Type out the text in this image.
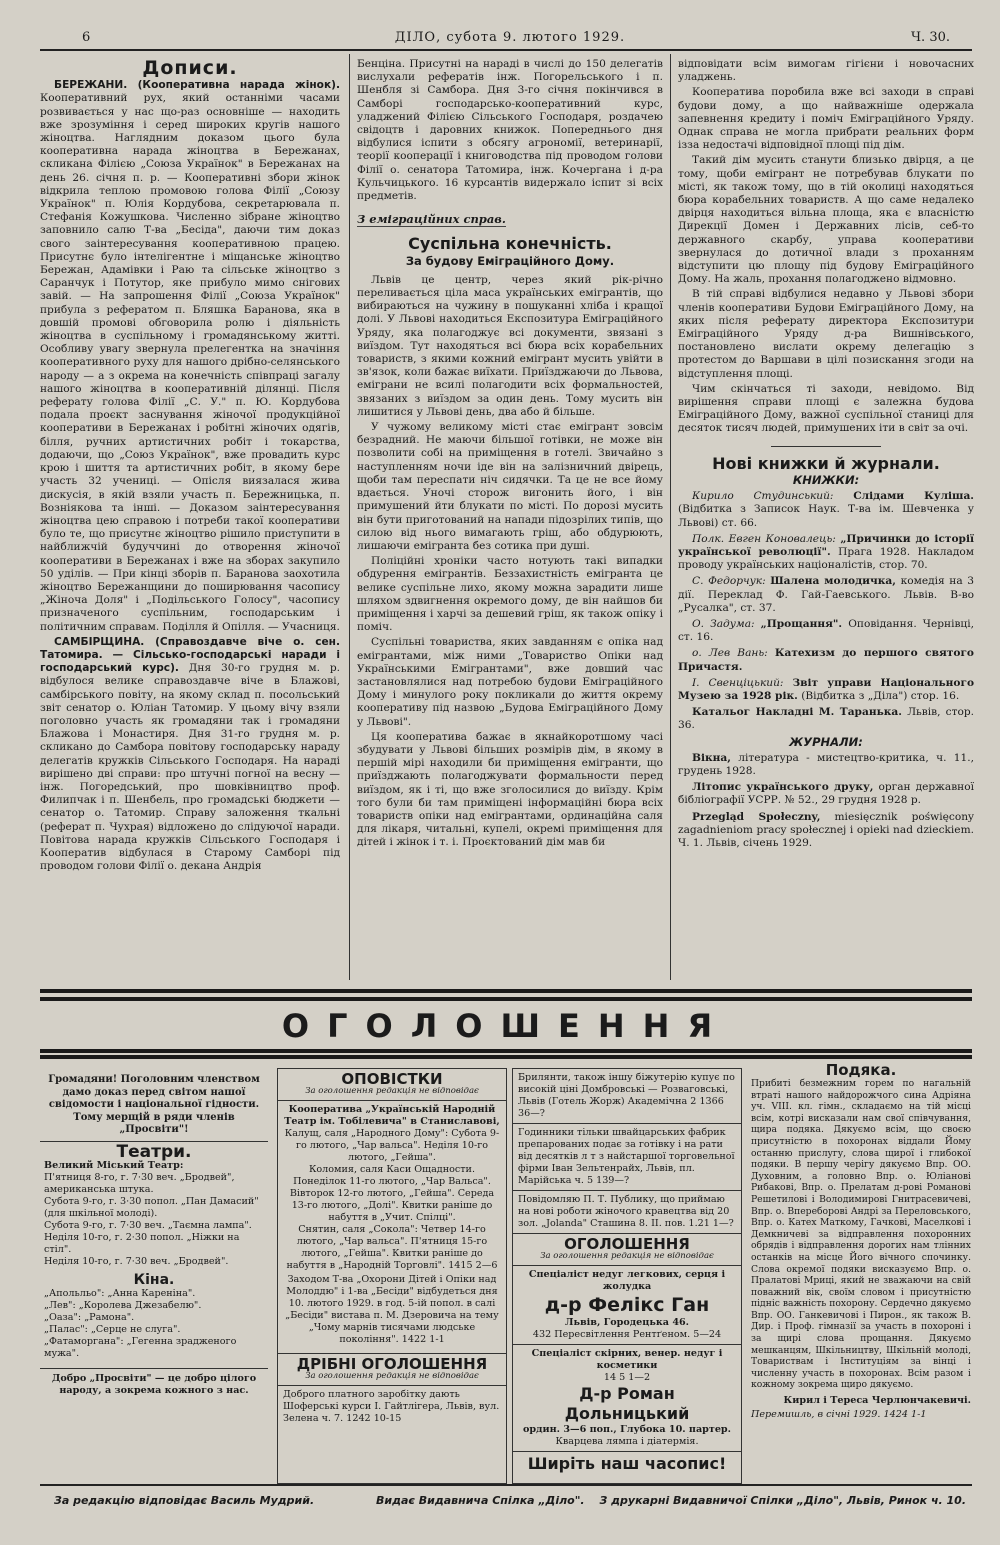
6	ДІЛО, субота 9. лютого 1929.	Ч. 30.
Дописи.

БЕРЕЖАНИ. (Кооперативна нарада жінок). Кооперативний рух, який останніми часами розвивається у нас що-раз основніше — находить вже зрозуміння і серед широких кругів нашого жіноцтва. Наглядним доказом цього була кооперативна нарада жіноцтва в Бережанах, скликана Філією „Союза Українок" в Бережанах на день 26. січня п. р. — Кооперативні збори жінок відкрила теплою промовою голова Філії „Союзу Українок" п. Юлія Кордубова, секретарювала п. Стефанія Кожушкова. Численно зібране жіноцтво заповнило салю Т-ва „Бесіда", даючи тим доказ свого заінтересування кооперативною працею. Присутнє було інтелігентне і міщанське жіноцтво Бережан, Адамівки і Раю та сільське жіноцтво з Саранчук і Потутор, яке прибуло мимо снігових завій. — На запрошення Філії „Союза Українок" прибула з рефератом п. Бляшка Баранова, яка в довшій промові обговорила ролю і діяльність жіноцтва в суспільному і громадянському житті. Особливу увагу звернула прелегентка на значіння кооперативного руху для нашого дрібно-селянського народу — а з окрема на конечність співпраці загалу нашого жіноцтва в кооперативній ділянці. Після реферату голова Філії „С. У." п. Ю. Кордубова подала проєкт заснування жіночої продукційної кооперативи в Бережанах і робітні жіночих одягів, білля, ручних артистичних робіт і токарства, додаючи, що „Союз Українок", вже провадить курс крою і шиття та артистичних робіт, в якому бере участь 32 учениці. — Опісля виязалася жива дискусія, в якій взяли участь п. Бережницька, п. Возніякова та інші. — Доказом заінтересування жіноцтва цею справою і потреби такої кооперативи було те, що присутнє жіноцтво рішило приступити в найближчій будуччині до отворення жіночої кооперативи в Бережанах і вже на зборах закупило 50 уділів. — При кінці зборів п. Баранова заохотила жіноцтво Бережанщини до поширювання часопису „Жіноча Доля" і „Подільського Голосу", часопису призначеного суспільним, господарським і політичним справам. Поділля й Опілля. — Учасниця.

САМБІРЩИНА. (Справоздавче віче о. сен. Татомира. — Сільсько-господарські наради і господарський курс). Дня 30-го грудня м. р. відбулося велике справоздавче віче в Блажові, самбірського повіту, на якому склад п. посольський звіт сенатор о. Юліан Татомир. У цьому вічу взяли поголовно участь як громадяни так і громадяни Блажова і Монастиря. Дня 31-го грудня м. р. скликано до Самбора повітову господарську нараду делегатів кружків Сільського Господаря. На нараді вирішено дві справи: про штучні погної на весну — інж. Погоредський, про шовківництво проф. Филипчак і п. Шенбель, про громадські бюджети — сенатор о. Татомир. Справу заложення ткальні (реферат п. Чухрая) відложено до слідуючої наради. Повітова нарада кружків Сільського Господаря і Кооператив відбулася в Старому Самборі під проводом голови Філії о. декана Андрія

Бенціна. Присутні на нараді в числі до 150 делегатів вислухали рефератів інж. Погорельського і п. Шенбля зі Самбора. Дня 3-го січня покінчився в Самборі господарсько-кооперативний курс, уладжений Філією Сільського Господаря, роздачею свідоцтв і даровних книжок. Попереднього дня відбулися іспити з обсягу агрономії, ветеринарії, теорії кооперації і книговодства під проводом голови Філії о. сенатора Татомира, інж. Кочергана і д-ра Кульчицького. 16 курсантів видержало іспит зі всіх предметів.

З еміграційних справ.
Суспільна конечність.
За будову Еміграційного Дому.

Львів це центр, через який рік-річно переливається ціла маса українських емігрантів, що вибираються на чужину в пошуканні хліба і кращої долі. У Львові находиться Експозитура Еміграційного Уряду, яка полагоджує всі документи, звязані з виїздом. Тут находяться всі бюра всіх корабельних товариств, з якими кожний емігрант мусить увійти в зв'язок, коли бажає виїхати. Приїзджаючи до Львова, еміграни не всилі полагодити всіх формальностей, звязаних з виїздом за один день. Тому мусить він лишитися у Львові день, два або й більше.

У чужому великому місті стає емігрант зовсім безрадний. Не маючи більшої готівки, не може він позволити собі на приміщення в готелі. Звичайно з наступленням ночи іде він на залізничний двірець, щоби там переспати ніч сидячки. Та це не все йому вдається. Уночі сторож вигонить його, і він примушений йти блукати по місті. По дорозі мусить він бути приготований на напади підозрілих типів, що силою від нього вимагають гріш, або обдурюють, лишаючи емігранта без сотика при душі.

Поліційні хроніки часто нотують такі випадки обдурення емігрантів. Беззахистність емігранта це велике суспільне лихо, якому можна зарадити лише шляхом здвигнення окремого дому, де він найшов би приміщення і харчі за дешевий гріш, як також опіку і поміч.

Суспільні товариства, яких завданням є опіка над емігрантами, між ними „Товариство Опіки над Українськими Емігрантами", вже довший час застановлялися над потребою будови Еміграційного Дому і минулого року покликали до життя окрему кооперативу під назвою „Будова Еміграційного Дому у Львові".

Ця кооператива бажає в якнайкоротшому часі збудувати у Львові більших розмірів дім, в якому в першій мірі находили би приміщення емігранти, що приїзджають полагоджувати формальности перед виїздом, як і ті, що вже зголосилися до виїзду. Крім того були би там приміщені інформаційні бюра всіх товариств опіки над емігрантами, ординаційна саля для лікаря, читальні, купелі, окремі приміщення для дітей і жінок і т. і. Проєктований дім мав би

відповідати всім вимогам гігієни і новочасних уладжень.

Кооператива поробила вже всі заходи в справі будови дому, а що найважніше одержала запевнення кредиту і поміч Еміграційного Уряду. Однак справа не могла прибрати реальних форм ізза недостачі відповідної площі під дім.

Такий дім мусить станути близько двірця, а це тому, щоби емігрант не потребував блукати по місті, як також тому, що в тій околиці находяться бюра корабельних товариств. А що саме недалеко двірця находиться вільна площа, яка є власністю Дирекції Домен і Державних лісів, себ-то державного скарбу, управа кооперативи звернулася до дотичної влади з проханням відступити цю площу під будову Еміграційного Дому. На жаль, прохання полагоджено відмовно.

В тій справі відбулися недавно у Львові збори членів кооперативи Будови Еміграційного Дому, на яких після реферату директора Експозитури Еміграційного Уряду д-ра Вишнівського, постановлено вислати окрему делегацію з протестом до Варшави в цілі позискання згоди на відступлення площі.

Чим скінчаться ті заходи, невідомо. Від вирішення справи площі є залежна будова Еміграційного Дому, важної суспільної станиці для десяток тисяч людей, примушених іти в світ за очі.

Нові книжки й журнали.
КНИЖКИ:
Кирило Студинський: Слідами Куліша. (Відбитка з Записок Наук. Т-ва ім. Шевченка у Львові) ст. 66.
Полк. Евген Коновалець: „Причинки до історії української революції". Прага 1928. Накладом проводу українських націоналістів, стор. 70.
С. Федорчук: Шалена молодичка, комедія на 3 дії. Переклад Ф. Гай-Гаевського. Львів. В-во „Русалка", ст. 37.
О. Задума: „Прощання". Оповідання. Чернівці, ст. 16.
о. Лев Вань: Катехизм до першого святого Причастя.
І. Свенціцький: Звіт управи Національного Музею за 1928 рік. (Відбитка з „Діла") стор. 16.
Катальог Накладні М. Таранька. Львів, стор. 36.
ЖУРНАЛИ:
Вікна, літературa - мистецтво-критика, ч. 11., грудень 1928.
Літопис українського друку, орган державної бібліографії УСРР. № 52., 29 грудня 1928 р.
Przegląd Społeczny, miesięcznik poświęcony zagadnieniom pracy społecznej i opieki nad dzieckiem. Ч. 1. Львів, січень 1929.
ОГОЛОШЕННЯ
Громадяни! Поголовним членством дамо доказ перед світом нашої свідомости і національної гідности. Тому мерщій в ряди членів „Просвіти"!
Театри.
Великий Міський Театр:
П'ятниця 8-го, г. 7·30 веч. „Бродвей", американська штука.
Субота 9-го, г. 3·30 попол. „Пан Дамасий" (для шкільної молоді).
Субота 9-го, г. 7·30 веч. „Таємна лампа".
Неділя 10-го, г. 2·30 попол. „Ніжки на стіл".
Неділя 10-го, г. 7·30 веч. „Бродвей".
Кіна.
„Апольльо": „Анна Кареніна".
„Лев": „Королева Джезабелю".
„Оаза": „Рамона".
„Палас": „Серце не слуга".
„Фатаморгана": „Гегенна зрадженого мужа".
Добро „Просвіти" — це добро цілого народу, а зокрема кожного з нас.
ОПОВІСТКИ
За оголошення редакція не відповідає
Кооператива „Українській Народній Театр ім. Тобілевича" в Станиславові,
Калущ, саля „Народного Дому": Субота 9-го лютого, „Чар вальса". Неділя 10-го лютого, „Гейша".
Коломия, саля Каси Ощадности. Понеділок 11-го лютого, „Чар Вальса". Вівторок 12-го лютого, „Гейша". Середа 13-го лютого, „Долі". Квитки раніше до набуття в „Учит. Спілці".
Снятин, саля „Сокола": Четвер 14-го лютого, „Чар вальса". П'ятниця 15-го лютого, „Гейша". Квитки раніше до набуття в „Народній Торговлі". 1415 2—6
Заходом Т-ва „Охорони Дітей і Опіки над Молоддю" і 1-ва „Бесіди" відбудеться дня 10. лютого 1929. в год. 5-ій попол. в салі „Бесіди" вистава п. М. Дзеровича на тему „Чому марнів тисячами людське покоління". 1422 1-1
ДРІБНІ ОГОЛОШЕННЯ
За оголошення редакція не відповідає
Доброго платного заробітку дають Шоферські курси І. Гайтлігера, Львів, вул. Зелена ч. 7. 1242 10-15
Брилянти, також іншу біжутерію купує по високій ціні Домбровські — Розваговські, Львів (Готель Жорж) Академічна 2 1366 36—?
Годинники тільки швайцарських фабрик препарованих подає за готівку і на рати від десятків л т з найстаршої торговельної фірми Іван Зельтенрайх, Львів, пл. Марійська ч. 5 139—?
Повідомляю П. Т. Публику, що приймаю на нові роботи жіночого кравецтва від 20 зол. „Jolanda" Сташина 8. ІІ. пов. 1.21 1—?
ОГОЛОШЕННЯ
За оголошення редакція не відповідає
Спеціаліст недуг легкових, серця і жолудка
д-р Фелікс Ган
Львів, Городецька 46.
432 Пересвітлення Рентґеном. 5—24
Спеціаліст скірних, венер. недуг і косметики
14 5 1—2
Д-р Роман Дольницький
ордин. 3—6 поп., Глубока 10. партер.
Кварцева лямпа і діатермія.
Ширіть наш часопис!
Подяка.
Прибиті безмежним горем по нагальній втраті нашого найдорожчого сина Адріяна уч. VIII. кл. гімн., складаємо на тій місці всім, котрі висказали нам свої співчування, щира подяка. Дякуємо всім, що своєю присутністю в похоронах віддали Йому останню прислугу, слова щирої і глибокої подяки. В першу черігу дякуємо Впр. ОО. Духовним, а головно Впр. о. Юліанові Рибакові, Впр. о. Прелатам д-рові Романові Решетилові і Володимирові Гнитрасевичеві, Впр. о. Впереборові Андрі за Переловського, Впр. о. Катех Маткому, Гачкові, Маселкові і Демкничеві за відправлення похоронних обрядів і відправлення дорогих нам тлінних останків на місце Його вічного спочинку. Слова окремої подяки висказуємо Впр. о. Пралатові Мриці, який не зважаючи на свій поважний вік, своїм словом і присутністю підніс важність похорону. Сердечно дякуємо Впр. ОО. Ганкевичові і Пирон., як також В. Дир. і Проф. гімназії за участь в похороні і за щирі слова прощання. Дякуємо мешканцям, Шкільництву, Шкільній молоді, Товариствам і Інституціям за вінці і численну участь в похоронах. Всім разом і кожному зокрема щиро дякуємо.
Кирил і Тереса Черлюнчакевичі.
Перемишль, в січні 1929. 1424 1-1
За редакцію відповідає Василь Мудрий.	Видає Видавнича Спілка „Діло". З друкарні Видавничої Спілки „Діло", Львів, Ринок ч. 10.
